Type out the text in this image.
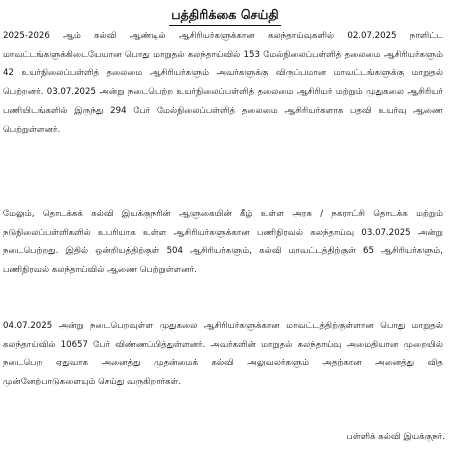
பத்திரிக்கை செய்தி
2025-2026 ஆம் கல்வி ஆண்டில் ஆசிரியர்களுக்கான கலந்தாய்வுகளில் 02.07.2025 நாளிட்ட மாவட்டங்களுக்கிடையேயான பொது மாறுதல் கலந்தாய்வில் 153 மேல்நிலைப்பள்ளித் தலைமை ஆசிரியர்களும் 42 உயர்நிலைப்பள்ளித் தலைமை ஆசிரியர்களும் அவர்களுக்கு விருப்பமான மாவட்டங்களுக்கு மாறுதல் பெற்றனர். 03.07.2025 அன்று நடைபெற்ற உயர்நிலைப்பள்ளித் தலைமை ஆசிரியர் மற்றும் முதுகலை ஆசிரியர் பணியிடங்களில் இருந்து 294 பேர் மேல்நிலைப்பள்ளித் தலைமை ஆசிரியர்களாக பதவி உயர்வு ஆணை பெற்றுள்ளனர்.
மேலும், தொடக்கக் கல்வி இயக்குநரின் ஆளுகையின் கீழ் உள்ள அரசு / நகராட்சி தொடக்க மற்றும் நடுநிலைப்பள்ளிகளில் உபரியாக உள்ள ஆசிரியர்களுக்கான பணிநிரவல் கலந்தாய்வு 03.07.2025 அன்று நடைபெற்றது. இதில் ஒன்றியத்திற்குள் 504 ஆசிரியர்களும், கல்வி மாவட்டத்திற்குள் 65 ஆசிரியர்களும், பணிநிரவல் கலந்தாய்வில் ஆணை பெற்றுள்ளனர்.
04.07.2025 அன்று நடைபெறவுள்ள முதுகலை ஆசிரியர்களுக்கான மாவட்டத்திற்குள்ளான பொது மாறுதல் கலந்தாய்வில் 10657 பேர் விண்ணப்பித்துள்ளனர். அவர்களின் மாறுதல் கலந்தாய்வு அமைதியான முறையில் நடைபெற ஏதுவாக அனைத்து முதன்மைக் கல்வி அலுவலர்களும் அதற்கான அனைத்து வித முன்னேற்பாடுகளையும் செய்து வருகிறார்கள்.
பள்ளிக் கல்வி இயக்குநர்.
